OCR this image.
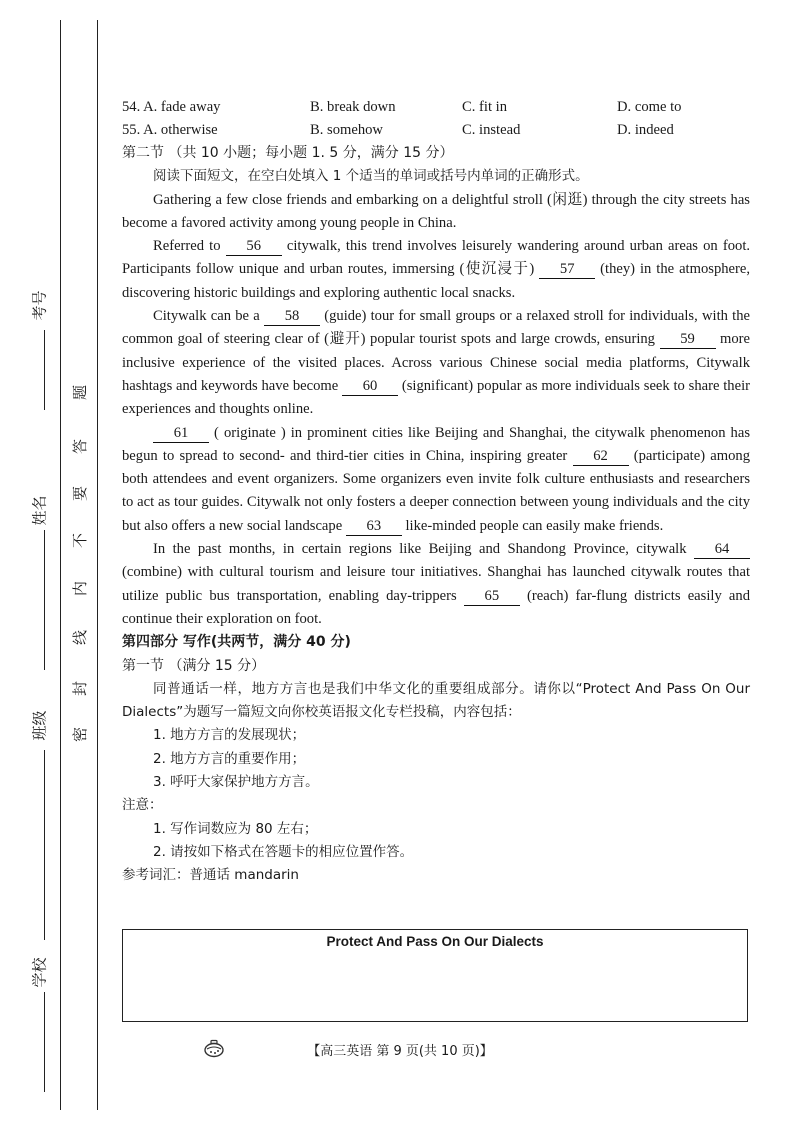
考号
姓名
班级
学校
题
答
要
不
内
线
封
密
54. A. fade away	B. break down	C. fit in	D. come to
55. A. otherwise	B. somehow	C. instead	D. indeed
第二节 （共 10 小题；每小题 1. 5 分，满分 15 分）

阅读下面短文，在空白处填入 1 个适当的单词或括号内单词的正确形式。

Gathering a few close friends and embarking on a delightful stroll (闲逛) through the city streets has become a favored activity among young people in China.

Referred to 56 citywalk, this trend involves leisurely wandering around urban areas on foot. Participants follow unique and urban routes, immersing (使沉浸于) 57 (they) in the atmosphere, discovering historic buildings and exploring authentic local snacks.

Citywalk can be a 58 (guide) tour for small groups or a relaxed stroll for individuals, with the common goal of steering clear of (避开) popular tourist spots and large crowds, ensuring 59 more inclusive experience of the visited places. Across various Chinese social media platforms, Citywalk hashtags and keywords have become 60 (significant) popular as more individuals seek to share their experiences and thoughts online.

61 ( originate ) in prominent cities like Beijing and Shanghai, the citywalk phenomenon has begun to spread to second- and third-tier cities in China, inspiring greater 62 (participate) among both attendees and event organizers. Some organizers even invite folk culture enthusiasts and researchers to act as tour guides. Citywalk not only fosters a deeper connection between young individuals and the city but also offers a new social landscape 63 like-minded people can easily make friends.

In the past months, in certain regions like Beijing and Shandong Province, citywalk 64 (combine) with cultural tourism and leisure tour initiatives. Shanghai has launched citywalk routes that utilize public bus transportation, enabling day-trippers 65 (reach) far-flung districts easily and continue their exploration on foot.

第四部分 写作(共两节，满分 40 分)
第一节 （满分 15 分）

同普通话一样，地方方言也是我们中华文化的重要组成部分。请你以“Protect And Pass On Our Dialects”为题写一篇短文向你校英语报文化专栏投稿，内容包括：

1. 地方方言的发展现状；
2. 地方方言的重要作用；
3. 呼吁大家保护地方方言。
注意：
1. 写作词数应为 80 左右；
2. 请按如下格式在答题卡的相应位置作答。
参考词汇：普通话 mandarin
Protect And Pass On Our Dialects
【高三英语 第 9 页(共 10 页)】
